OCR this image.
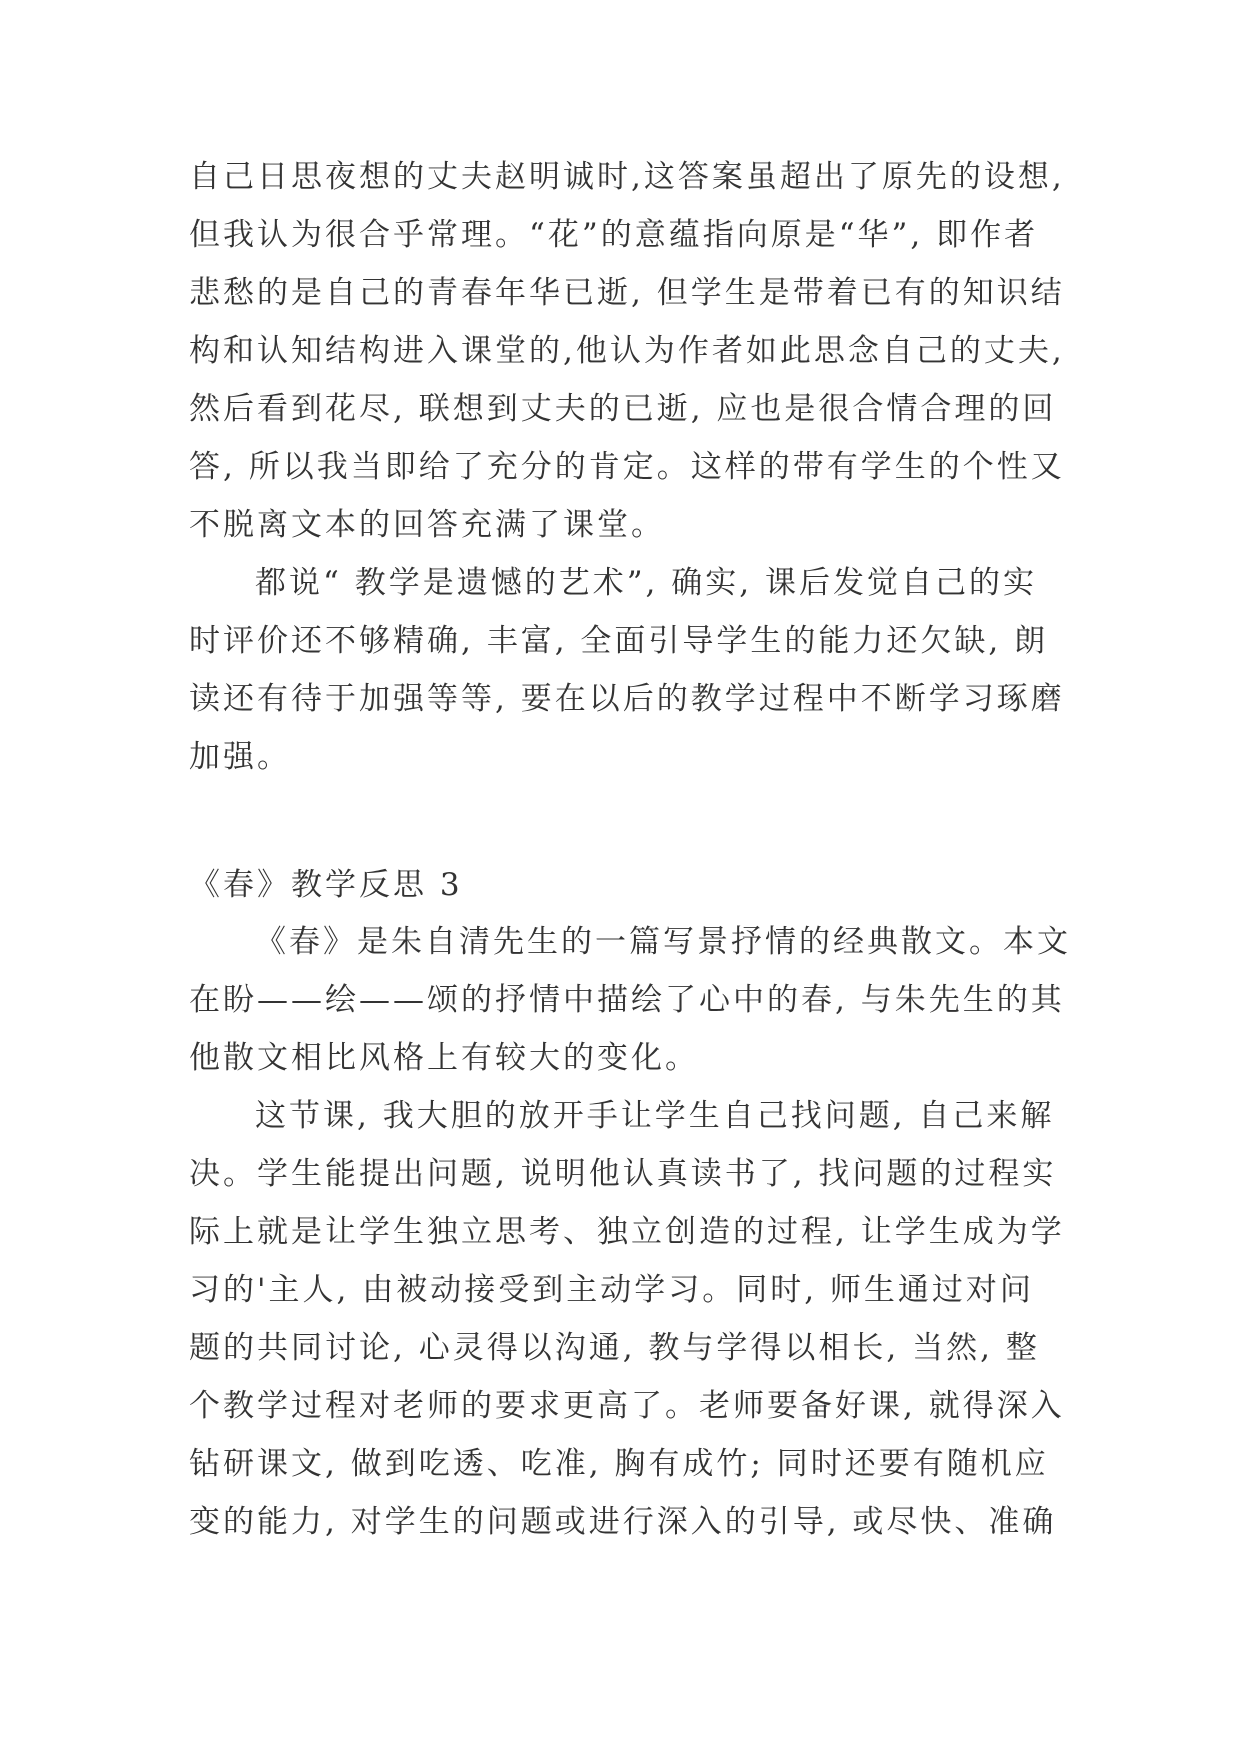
自己日思夜想的丈夫赵明诚时,这答案虽超出了原先的设想,
但我认为很合乎常理。“花”的意蕴指向原是“华”, 即作者
悲愁的是自己的青春年华已逝, 但学生是带着已有的知识结
构和认知结构进入课堂的,他认为作者如此思念自己的丈夫,
然后看到花尽, 联想到丈夫的已逝, 应也是很合情合理的回
答, 所以我当即给了充分的肯定。这样的带有学生的个性又
不脱离文本的回答充满了课堂。
都说“ 教学是遗憾的艺术”, 确实, 课后发觉自己的实
时评价还不够精确, 丰富, 全面引导学生的能力还欠缺, 朗
读还有待于加强等等, 要在以后的教学过程中不断学习琢磨
加强。
《春》教学反思 3
《春》是朱自清先生的一篇写景抒情的经典散文。本文
在盼——绘——颂的抒情中描绘了心中的春, 与朱先生的其
他散文相比风格上有较大的变化。
这节课, 我大胆的放开手让学生自己找问题, 自己来解
决。学生能提出问题, 说明他认真读书了, 找问题的过程实
际上就是让学生独立思考、独立创造的过程, 让学生成为学
习的'主人, 由被动接受到主动学习。同时, 师生通过对问
题的共同讨论, 心灵得以沟通, 教与学得以相长, 当然, 整
个教学过程对老师的要求更高了。老师要备好课, 就得深入
钻研课文, 做到吃透、吃准, 胸有成竹; 同时还要有随机应
变的能力, 对学生的问题或进行深入的引导, 或尽快、准确
